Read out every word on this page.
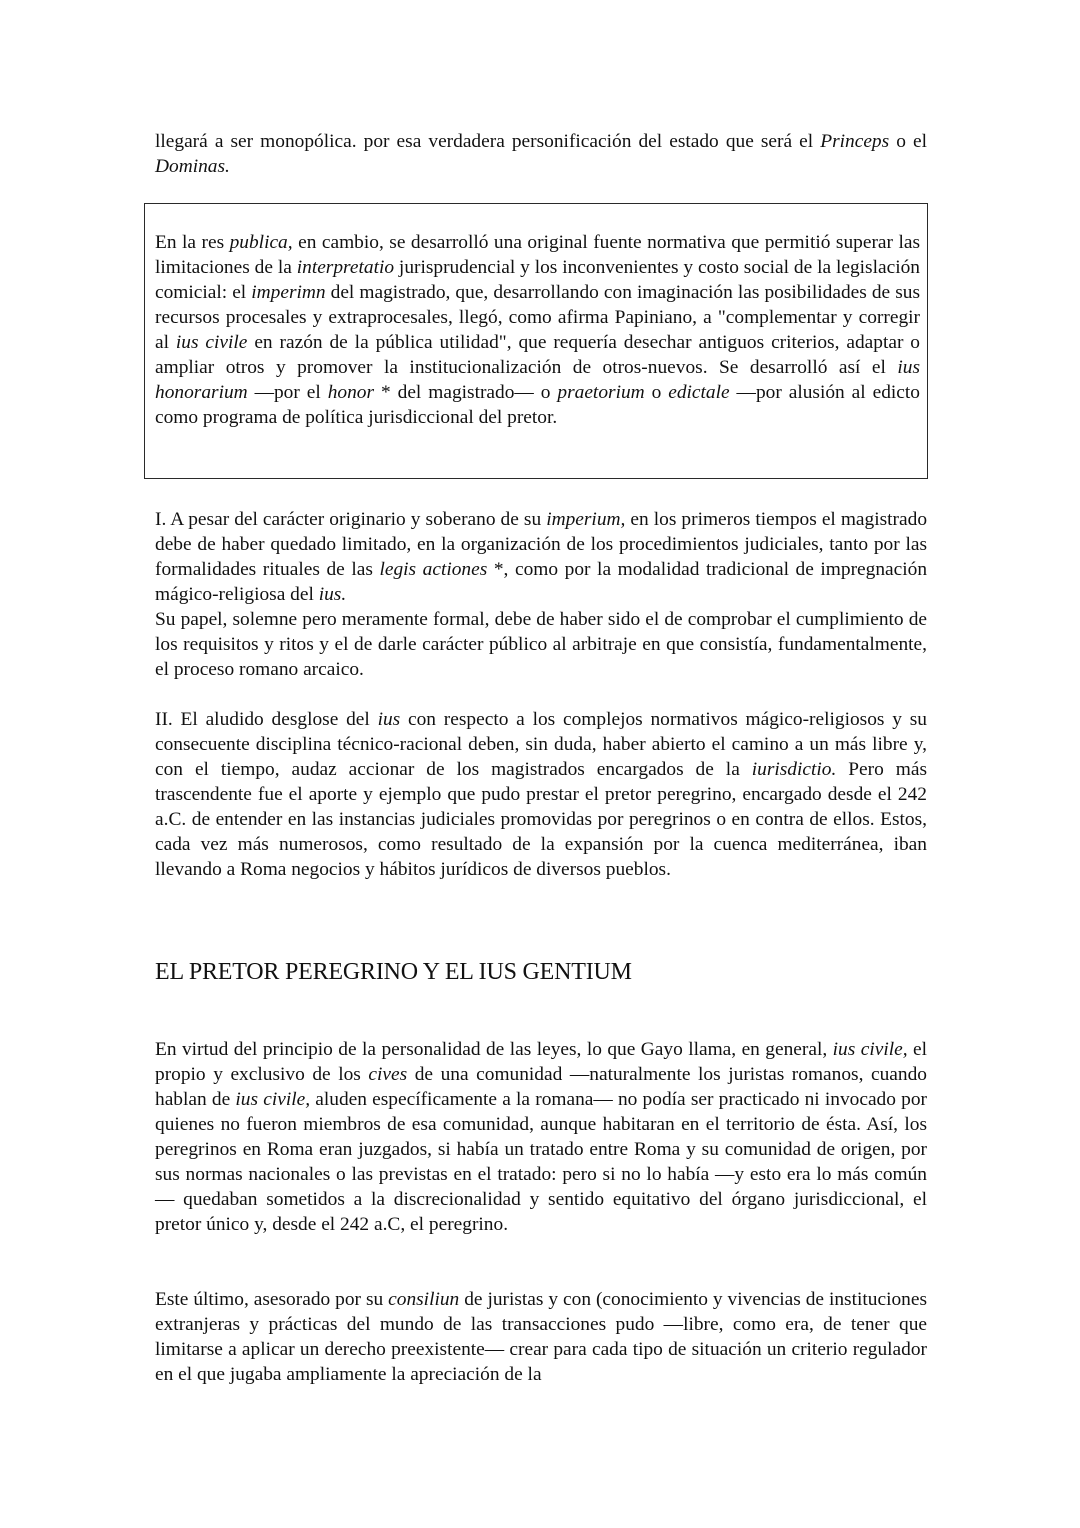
llegará a ser monopólica. por esa verdadera personificación del estado que será el Princeps o el Dominas.

En la res publica, en cambio, se desarrolló una original fuente normativa que permitió superar las limitaciones de la interpretatio jurisprudencial y los inconvenientes y costo social de la legislación comicial: el imperimn del magistrado, que, desarrollando con imaginación las posibilidades de sus recursos procesales y extraprocesales, llegó, como afirma Papiniano, a "complementar y corregir al ius civile en razón de la pública utilidad", que requería desechar antiguos criterios, adaptar o ampliar otros y promover la institucionalización de otros-nuevos. Se desarrolló así el ius honorarium —por el honor * del magistrado— o praetorium o edictale —por alusión al edicto como programa de política jurisdiccional del pretor.

I. A pesar del carácter originario y soberano de su imperium, en los primeros tiempos el magistrado debe de haber quedado limitado, en la organización de los procedimientos judiciales, tanto por las formalidades rituales de las legis actiones *, como por la modalidad tradicional de impregnación mágico-religiosa del ius.
Su papel, solemne pero meramente formal, debe de haber sido el de comprobar el cumplimiento de los requisitos y ritos y el de darle carácter público al arbitraje en que consistía, fundamentalmente, el proceso romano arcaico.

II. El aludido desglose del ius con respecto a los complejos normativos mágico-religiosos y su consecuente disciplina técnico-racional deben, sin duda, haber abierto el camino a un más libre y, con el tiempo, audaz accionar de los magistrados encargados de la iurisdictio. Pero más trascendente fue el aporte y ejemplo que pudo prestar el pretor peregrino, encargado desde el 242 a.C. de entender en las instancias judiciales promovidas por peregrinos o en contra de ellos. Estos, cada vez más numerosos, como resultado de la expansión por la cuenca mediterránea, iban llevando a Roma negocios y hábitos jurídicos de diversos pueblos.

EL PRETOR PEREGRINO Y EL IUS GENTIUM

En virtud del principio de la personalidad de las leyes, lo que Gayo llama, en general, ius civile, el propio y exclusivo de los cives de una comunidad —naturalmente los juristas romanos, cuando hablan de ius civile, aluden específicamente a la romana— no podía ser practicado ni invocado por quienes no fueron miembros de esa comunidad, aunque habitaran en el territorio de ésta. Así, los peregrinos en Roma eran juzgados, si había un tratado entre Roma y su comunidad de origen, por sus normas nacionales o las previstas en el tratado: pero si no lo había —y esto era lo más común— quedaban sometidos a la discrecionalidad y sentido equitativo del órgano jurisdiccional, el pretor único y, desde el 242 a.C, el peregrino.

Este último, asesorado por su consiliun de juristas y con (conocimiento y vivencias de instituciones extranjeras y prácticas del mundo de las transacciones pudo —libre, como era, de tener que limitarse a aplicar un derecho preexistente— crear para cada tipo de situación un criterio regulador en el que jugaba ampliamente la apreciación de la
